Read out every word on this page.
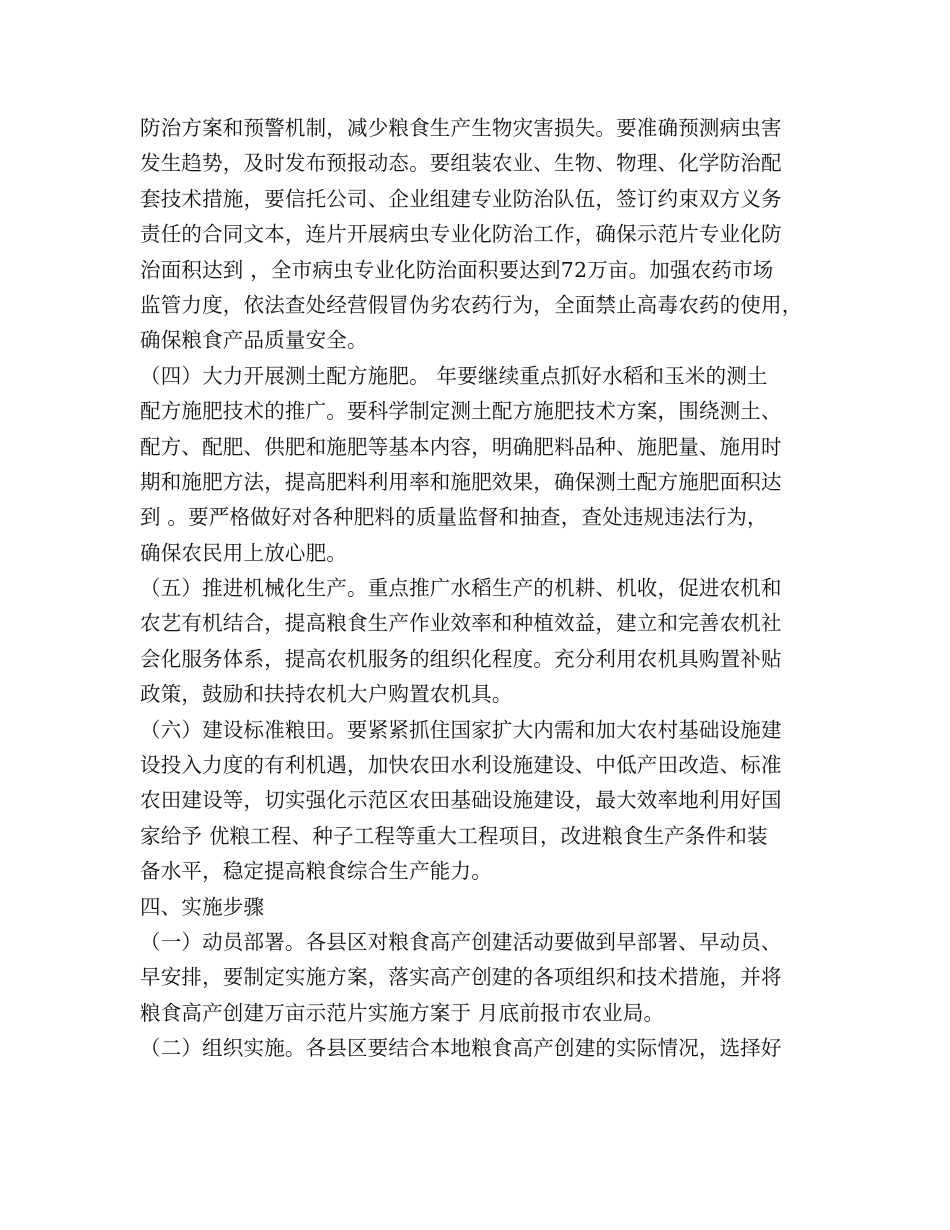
防治方案和预警机制，减少粮食生产生物灾害损失。要准确预测病虫害
发生趋势，及时发布预报动态。要组装农业、生物、物理、化学防治配
套技术措施，要信托公司、企业组建专业防治队伍，签订约束双方义务
责任的合同文本，连片开展病虫专业化防治工作，确保示范片专业化防
治面积达到 ，全市病虫专业化防治面积要达到72万亩。加强农药市场
监管力度，依法查处经营假冒伪劣农药行为，全面禁止高毒农药的使用，
确保粮食产品质量安全。
（四）大力开展测土配方施肥。 年要继续重点抓好水稻和玉米的测土
配方施肥技术的推广。要科学制定测土配方施肥技术方案，围绕测土、
配方、配肥、供肥和施肥等基本内容，明确肥料品种、施肥量、施用时
期和施肥方法，提高肥料利用率和施肥效果，确保测土配方施肥面积达
到 。要严格做好对各种肥料的质量监督和抽查，查处违规违法行为，
确保农民用上放心肥。
（五）推进机械化生产。重点推广水稻生产的机耕、机收，促进农机和
农艺有机结合，提高粮食生产作业效率和种植效益，建立和完善农机社
会化服务体系，提高农机服务的组织化程度。充分利用农机具购置补贴
政策，鼓励和扶持农机大户购置农机具。
（六）建设标准粮田。要紧紧抓住国家扩大内需和加大农村基础设施建
设投入力度的有利机遇，加快农田水利设施建设、中低产田改造、标准
农田建设等，切实强化示范区农田基础设施建设，最大效率地利用好国
家给予 优粮工程、种子工程等重大工程项目，改进粮食生产条件和装
备水平，稳定提高粮食综合生产能力。
四、实施步骤
（一）动员部署。各县区对粮食高产创建活动要做到早部署、早动员、
早安排，要制定实施方案，落实高产创建的各项组织和技术措施，并将
粮食高产创建万亩示范片实施方案于 月底前报市农业局。
（二）组织实施。各县区要结合本地粮食高产创建的实际情况，选择好
